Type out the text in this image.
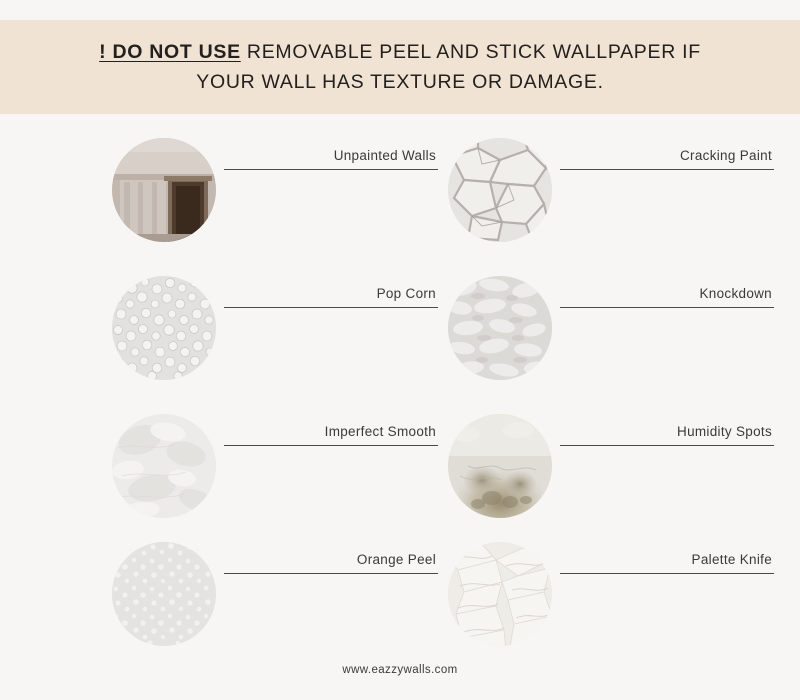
! DO NOT USE REMOVABLE PEEL AND STICK WALLPAPER IF YOUR WALL HAS TEXTURE OR DAMAGE.
Unpainted Walls	Cracking Paint
Pop Corn	Knockdown
Imperfect Smooth	Humidity Spots
Orange Peel	Palette Knife
www.eazzywalls.com
